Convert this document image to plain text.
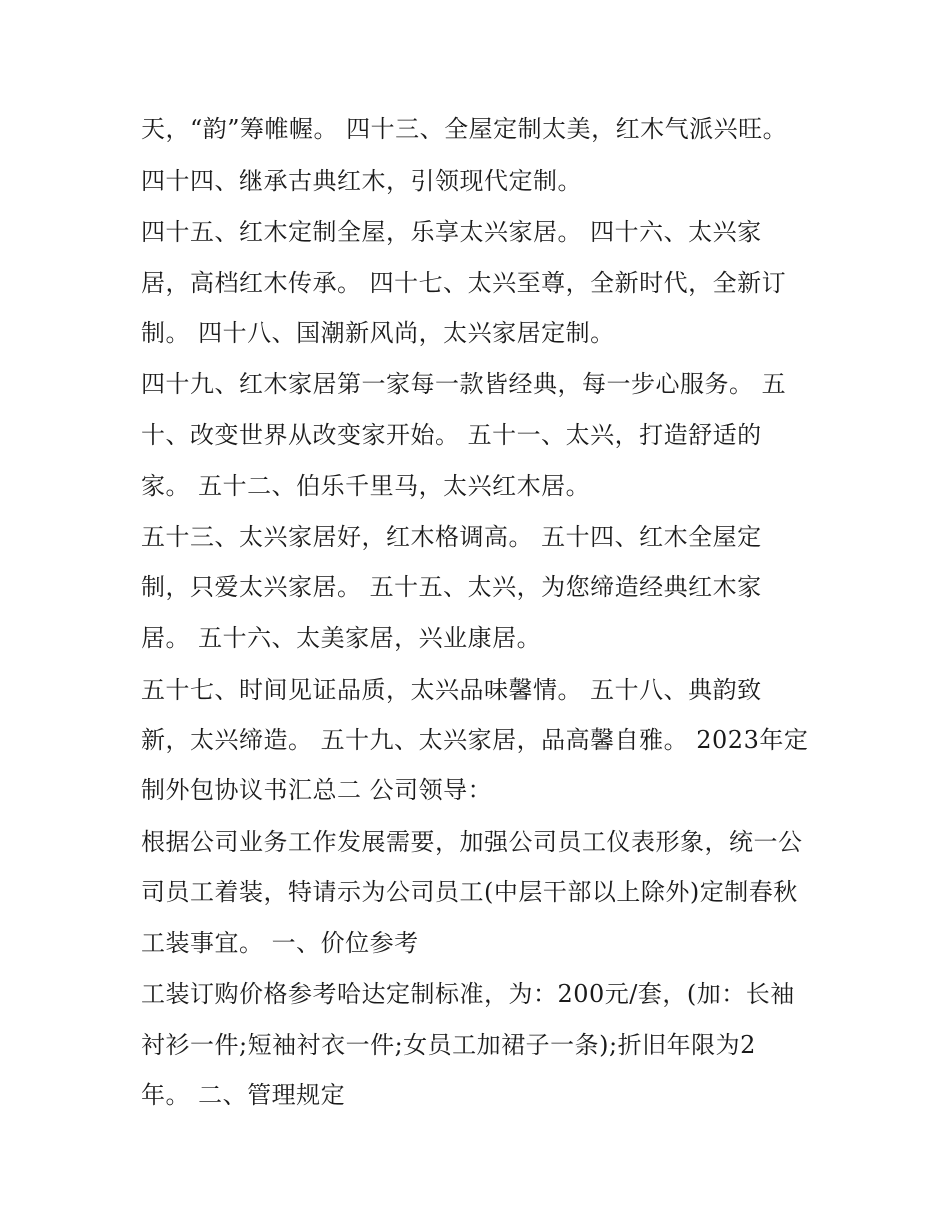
天，“韵”筹帷幄。 四十三、全屋定制太美，红木气派兴旺。
四十四、继承古典红木，引领现代定制。
四十五、红木定制全屋，乐享太兴家居。 四十六、太兴家
居，高档红木传承。 四十七、太兴至尊，全新时代，全新订
制。 四十八、国潮新风尚，太兴家居定制。
四十九、红木家居第一家每一款皆经典，每一步心服务。 五
十、改变世界从改变家开始。 五十一、太兴，打造舒适的
家。 五十二、伯乐千里马，太兴红木居。
五十三、太兴家居好，红木格调高。 五十四、红木全屋定
制，只爱太兴家居。 五十五、太兴，为您缔造经典红木家
居。 五十六、太美家居，兴业康居。
五十七、时间见证品质，太兴品味馨情。 五十八、典韵致
新，太兴缔造。 五十九、太兴家居，品高馨自雅。 2023年定
制外包协议书汇总二 公司领导：
根据公司业务工作发展需要，加强公司员工仪表形象，统一公
司员工着装，特请示为公司员工(中层干部以上除外)定制春秋
工装事宜。 一、价位参考
工装订购价格参考哈达定制标准，为：200元/套，(加：长袖
衬衫一件;短袖衬衣一件;女员工加裙子一条);折旧年限为2
年。 二、管理规定
